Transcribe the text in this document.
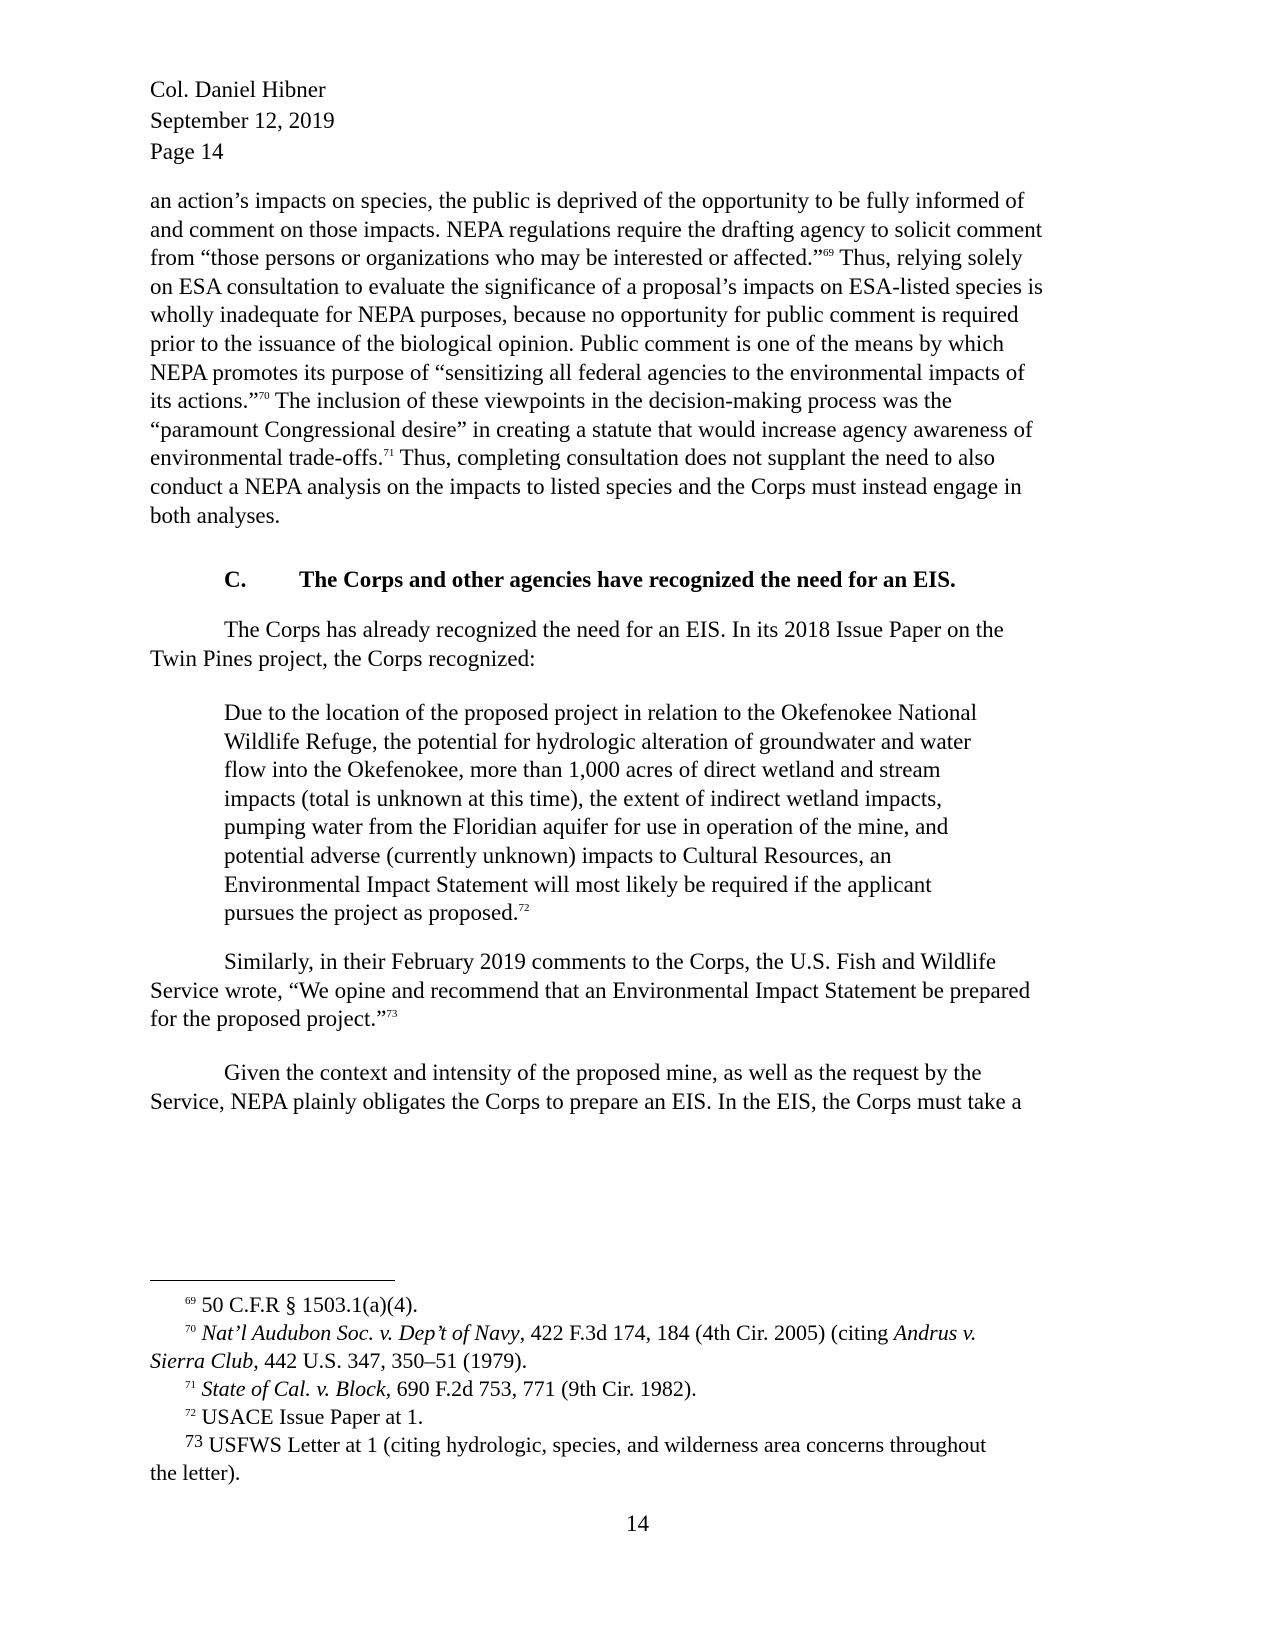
Col. Daniel Hibner
September 12, 2019
Page 14
an action’s impacts on species, the public is deprived of the opportunity to be fully informed of
and comment on those impacts. NEPA regulations require the drafting agency to solicit comment
from “those persons or organizations who may be interested or affected.”$^{69}$ Thus, relying solely
on ESA consultation to evaluate the significance of a proposal’s impacts on ESA-listed species is
wholly inadequate for NEPA purposes, because no opportunity for public comment is required
prior to the issuance of the biological opinion. Public comment is one of the means by which
NEPA promotes its purpose of “sensitizing all federal agencies to the environmental impacts of
its actions.”$^{70}$ The inclusion of these viewpoints in the decision-making process was the
“paramount Congressional desire” in creating a statute that would increase agency awareness of
environmental trade-offs.$^{71}$ Thus, completing consultation does not supplant the need to also
conduct a NEPA analysis on the impacts to listed species and the Corps must instead engage in
both analyses.
C. The Corps and other agencies have recognized the need for an EIS.
The Corps has already recognized the need for an EIS. In its 2018 Issue Paper on the
Twin Pines project, the Corps recognized:
Due to the location of the proposed project in relation to the Okefenokee National
Wildlife Refuge, the potential for hydrologic alteration of groundwater and water
flow into the Okefenokee, more than 1,000 acres of direct wetland and stream
impacts (total is unknown at this time), the extent of indirect wetland impacts,
pumping water from the Floridian aquifer for use in operation of the mine, and
potential adverse (currently unknown) impacts to Cultural Resources, an
Environmental Impact Statement will most likely be required if the applicant
pursues the project as proposed.$^{72}$
Similarly, in their February 2019 comments to the Corps, the U.S. Fish and Wildlife
Service wrote, “We opine and recommend that an Environmental Impact Statement be prepared
for the proposed project.”$^{73}$
Given the context and intensity of the proposed mine, as well as the request by the
Service, NEPA plainly obligates the Corps to prepare an EIS. In the EIS, the Corps must take a
$^{69}$ 50 C.F.R § 1503.1(a)(4).
$^{70}$ Nat’l Audubon Soc. v. Dep’t of Navy, 422 F.3d 174, 184 (4th Cir. 2005) (citing Andrus v.
Sierra Club, 442 U.S. 347, 350–51 (1979).
$^{71}$ State of Cal. v. Block, 690 F.2d 753, 771 (9th Cir. 1982).
$^{72}$ USACE Issue Paper at 1.
$^{73}$ USFWS Letter at 1 (citing hydrologic, species, and wilderness area concerns throughout
the letter).
14
